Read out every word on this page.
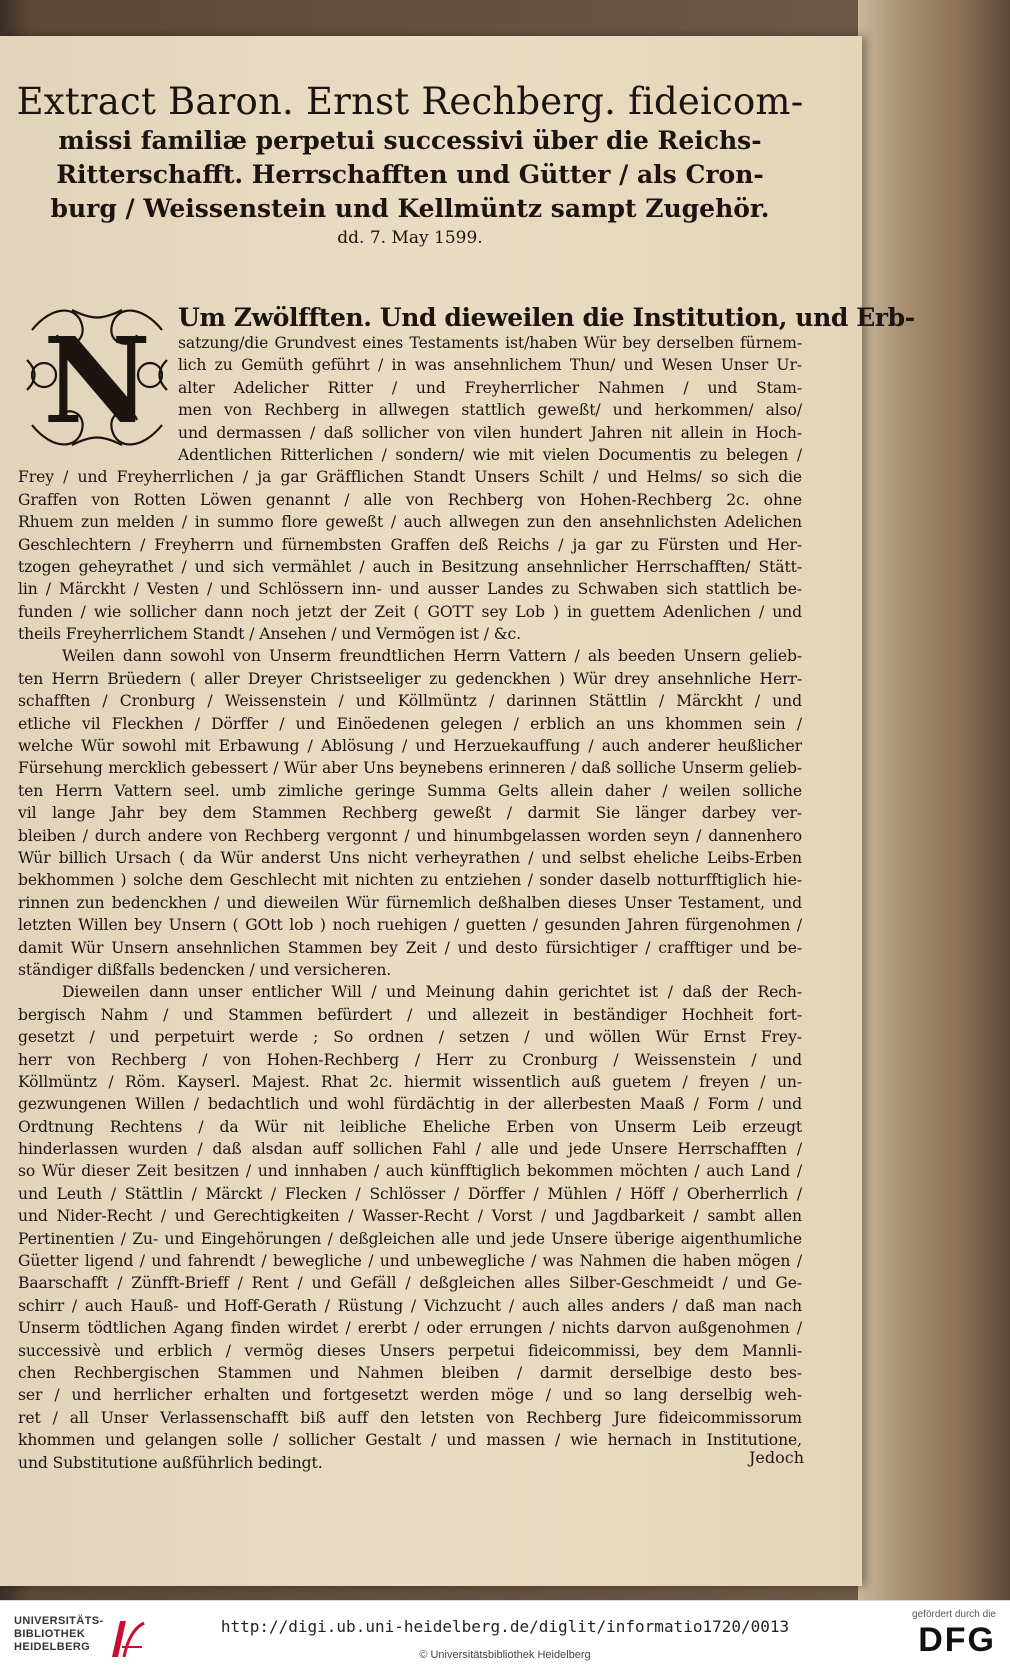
Extract Baron. Ernst Rechberg. fideicom-
missi familiæ perpetui successivi über die Reichs-
Ritterschafft. Herrschafften und Gütter / als Cron-
burg / Weissenstein und Kellmüntz sampt Zugehör.
dd. 7. May 1599.
N	Um Zwölfften. Und dieweilen die Institution, und Erb-
satzung/die Grundvest eines Testaments ist/haben Wür bey derselben fürnem-
lich zu Gemüth geführt / in was ansehnlichem Thun/ und Wesen Unser Ur-
alter Adelicher Ritter / und Freyherrlicher Nahmen / und Stam-
men von Rechberg in allwegen stattlich geweßt/ und herkommen/ also/
und dermassen / daß sollicher von vilen hundert Jahren nit allein in Hoch-
Adentlichen Ritterlichen / sondern/ wie mit vielen Documentis zu belegen /
Frey / und Freyherrlichen / ja gar Gräfflichen Standt Unsers Schilt / und Helms/ so sich die
Graffen von Rotten Löwen genannt / alle von Rechberg von Hohen-Rechberg 2c. ohne
Rhuem zun melden / in summo flore geweßt / auch allwegen zun den ansehnlichsten Adelichen
Geschlechtern / Freyherrn und fürnembsten Graffen deß Reichs / ja gar zu Fürsten und Her-
tzogen geheyrathet / und sich vermählet / auch in Besitzung ansehnlicher Herrschafften/ Stätt-
lin / Märckht / Vesten / und Schlössern inn- und ausser Landes zu Schwaben sich stattlich be-
funden / wie sollicher dann noch jetzt der Zeit ( GOTT sey Lob ) in guettem Adenlichen / und
theils Freyherrlichem Standt / Ansehen / und Vermögen ist / &c.
Weilen dann sowohl von Unserm freundtlichen Herrn Vattern / als beeden Unsern gelieb-
ten Herrn Brüedern ( aller Dreyer Christseeliger zu gedenckhen ) Wür drey ansehnliche Herr-
schafften / Cronburg / Weissenstein / und Köllmüntz / darinnen Stättlin / Märckht / und
etliche vil Fleckhen / Dörffer / und Einöedenen gelegen / erblich an uns khommen sein /
welche Wür sowohl mit Erbawung / Ablösung / und Herzuekauffung / auch anderer heußlicher
Fürsehung mercklich gebessert / Wür aber Uns beynebens erinneren / daß solliche Unserm gelieb-
ten Herrn Vattern seel. umb zimliche geringe Summa Gelts allein daher / weilen solliche
vil lange Jahr bey dem Stammen Rechberg geweßt / darmit Sie länger darbey ver-
bleiben / durch andere von Rechberg vergonnt / und hinumbgelassen worden seyn / dannenhero
Wür billich Ursach ( da Wür anderst Uns nicht verheyrathen / und selbst eheliche Leibs-Erben
bekhommen ) solche dem Geschlecht mit nichten zu entziehen / sonder daselb notturfftiglich hie-
rinnen zun bedenckhen / und dieweilen Wür fürnemlich deßhalben dieses Unser Testament, und
letzten Willen bey Unsern ( GOtt lob ) noch ruehigen / guetten / gesunden Jahren fürgenohmen /
damit Wür Unsern ansehnlichen Stammen bey Zeit / und desto fürsichtiger / crafftiger und be-
ständiger dißfalls bedencken / und versicheren.
Dieweilen dann unser entlicher Will / und Meinung dahin gerichtet ist / daß der Rech-
bergisch Nahm / und Stammen befürdert / und allezeit in beständiger Hochheit fort-
gesetzt / und perpetuirt werde ; So ordnen / setzen / und wöllen Wür Ernst Frey-
herr von Rechberg / von Hohen-Rechberg / Herr zu Cronburg / Weissenstein / und
Köllmüntz / Röm. Kayserl. Majest. Rhat 2c. hiermit wissentlich auß guetem / freyen / un-
gezwungenen Willen / bedachtlich und wohl fürdächtig in der allerbesten Maaß / Form / und
Ordtnung Rechtens / da Wür nit leibliche Eheliche Erben von Unserm Leib erzeugt
hinderlassen wurden / daß alsdan auff sollichen Fahl / alle und jede Unsere Herrschafften /
so Wür dieser Zeit besitzen / und innhaben / auch künfftiglich bekommen möchten / auch Land /
und Leuth / Stättlin / Märckt / Flecken / Schlösser / Dörffer / Mühlen / Höff / Oberherrlich /
und Nider-Recht / und Gerechtigkeiten / Wasser-Recht / Vorst / und Jagdbarkeit / sambt allen
Pertinentien / Zu- und Eingehörungen / deßgleichen alle und jede Unsere überige aigenthumliche
Güetter ligend / und fahrendt / bewegliche / und unbewegliche / was Nahmen die haben mögen /
Baarschafft / Zünfft-Brieff / Rent / und Gefäll / deßgleichen alles Silber-Geschmeidt / und Ge-
schirr / auch Hauß- und Hoff-Gerath / Rüstung / Vichzucht / auch alles anders / daß man nach
Unserm tödtlichen Agang finden wirdet / ererbt / oder errungen / nichts darvon außgenohmen /
successivè und erblich / vermög dieses Unsers perpetui fideicommissi, bey dem Mannli-
chen Rechbergischen Stammen und Nahmen bleiben / darmit derselbige desto bes-
ser / und herrlicher erhalten und fortgesetzt werden möge / und so lang derselbig weh-
ret / all Unser Verlassenschafft biß auff den letsten von Rechberg Jure fideicommissorum
khommen und gelangen solle / sollicher Gestalt / und massen / wie hernach in Institutione,
und Substitutione außführlich bedingt.	Jedoch
UNIVERSITÄTS-
BIBLIOTHEK
HEIDELBERG
http://digi.ub.uni-heidelberg.de/diglit/informatio1720/0013
© Universitätsbibliothek Heidelberg
gefördert durch die
DFG
